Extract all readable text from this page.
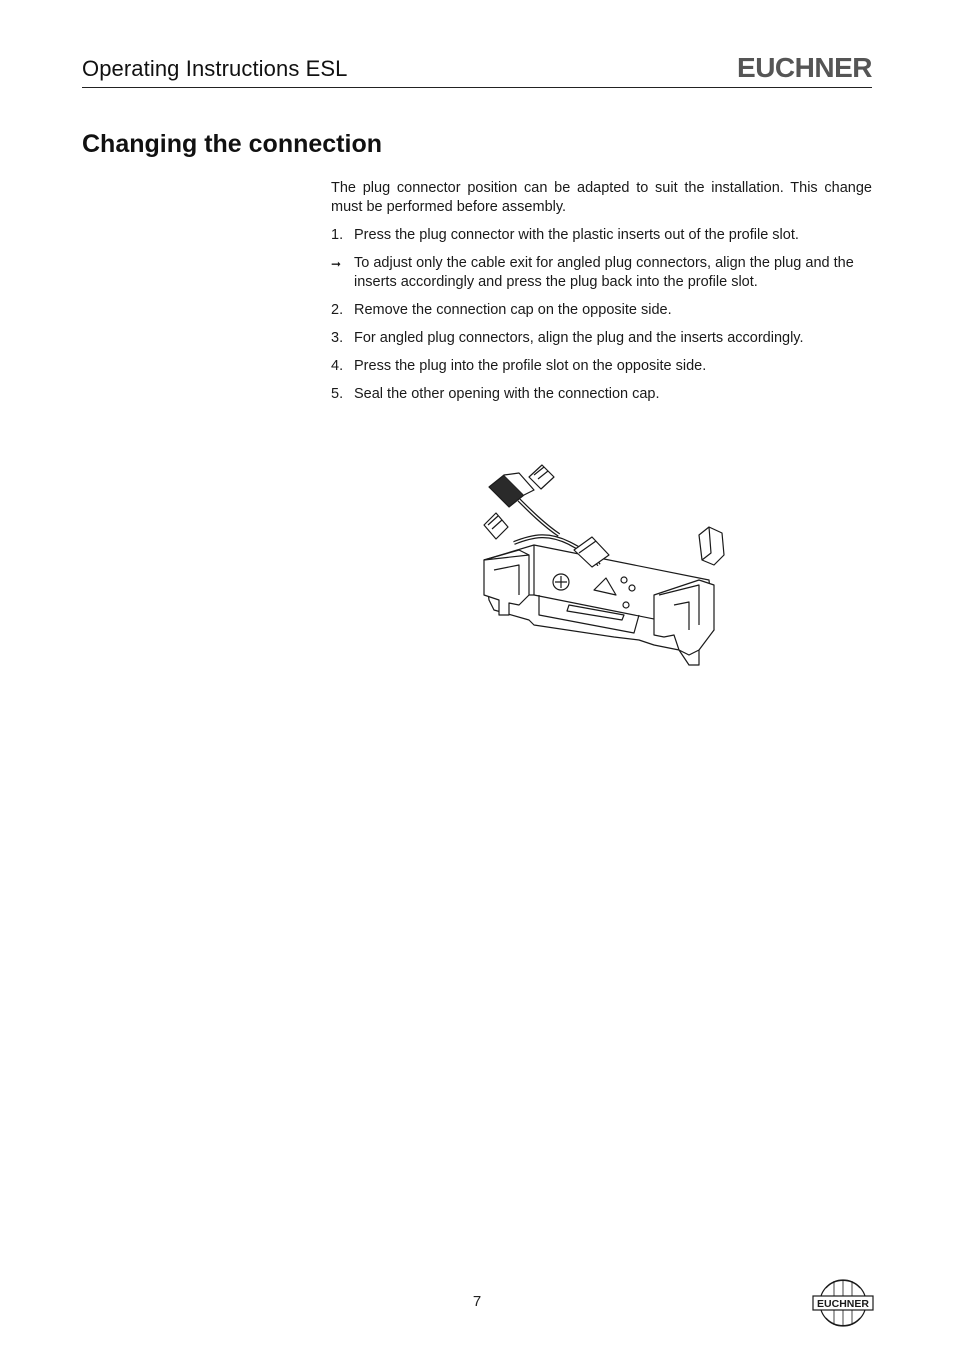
Operating Instructions ESL	EUCHNER
Changing the connection

The plug connector position can be adapted to suit the installation. This change must be performed before assembly.

1. Press the plug connector with the plastic inserts out of the profile slot.
➞ To adjust only the cable exit for angled plug connectors, align the plug and the inserts accordingly and press the plug back into the profile slot.
2. Remove the connection cap on the opposite side.
3. For angled plug connectors, align the plug and the inserts accordingly.
4. Press the plug into the profile slot on the opposite side.
5. Seal the other opening with the connection cap.
7	EUCHNER
